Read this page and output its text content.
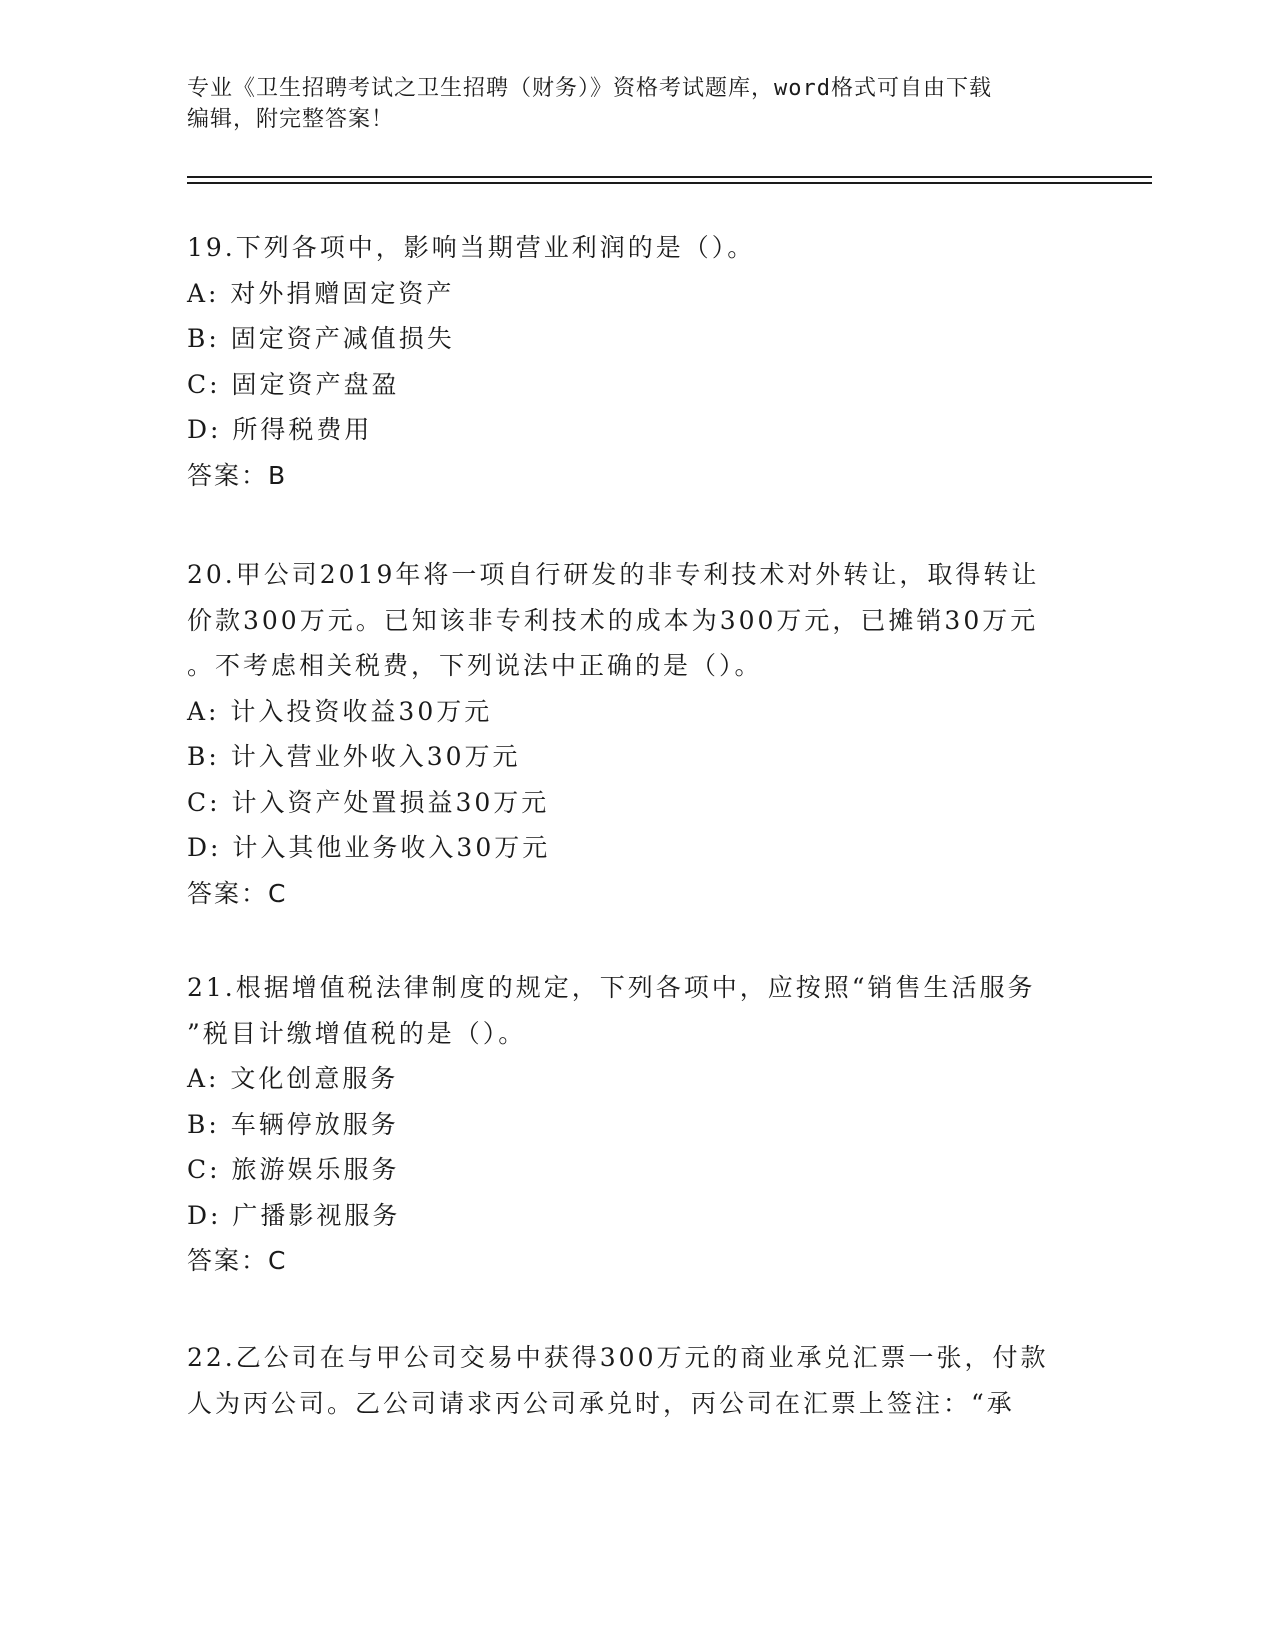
专业《卫生招聘考试之卫生招聘（财务）》资格考试题库，word格式可自由下载
编辑，附完整答案！
19.下列各项中，影响当期营业利润的是（）。
A: 对外捐赠固定资产
B: 固定资产减值损失
C: 固定资产盘盈
D: 所得税费用
答案：B
20.甲公司2019年将一项自行研发的非专利技术对外转让，取得转让
价款300万元。已知该非专利技术的成本为300万元，已摊销30万元
。不考虑相关税费，下列说法中正确的是（）。
A: 计入投资收益30万元
B: 计入营业外收入30万元
C: 计入资产处置损益30万元
D: 计入其他业务收入30万元
答案：C
21.根据增值税法律制度的规定，下列各项中，应按照“销售生活服务
”税目计缴增值税的是（）。
A: 文化创意服务
B: 车辆停放服务
C: 旅游娱乐服务
D: 广播影视服务
答案：C
22.乙公司在与甲公司交易中获得300万元的商业承兑汇票一张，付款
人为丙公司。乙公司请求丙公司承兑时，丙公司在汇票上签注：“承
